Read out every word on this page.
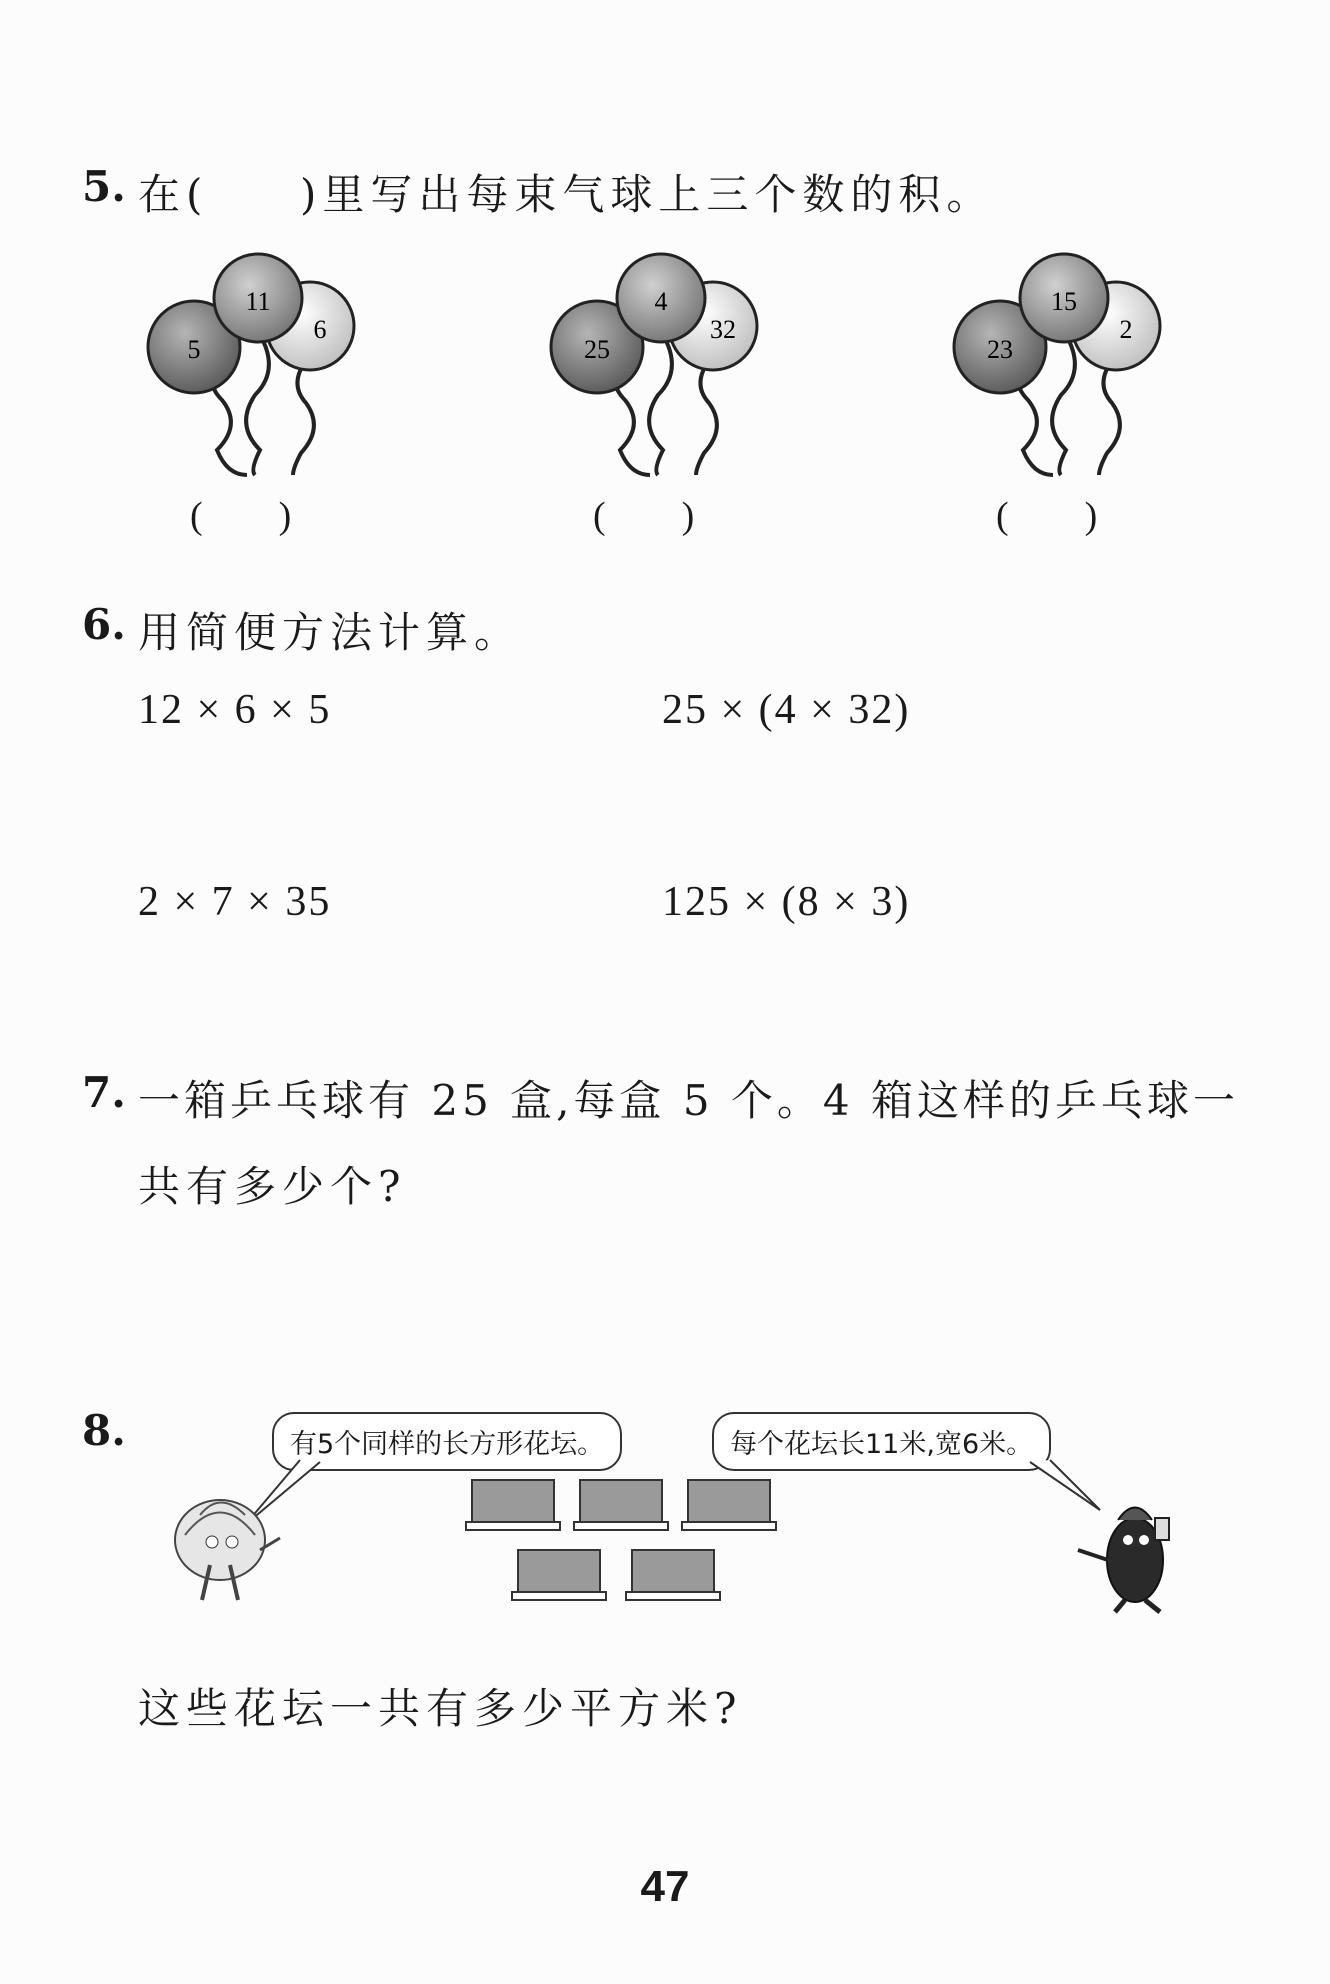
5. 在( )里写出每束气球上三个数的积。
5
11
6
25
4
32
23
15
2
(        )	(        )	(        )
6. 用简便方法计算。
12 × 6 × 5	25 × (4 × 32)
2 × 7 × 35	125 × (8 × 3)
7. 一箱乒乓球有 25 盒,每盒 5 个。4 箱这样的乒乓球一
共有多少个?
8.	有5个同样的长方形花坛。	每个花坛长11米,宽6米。
这些花坛一共有多少平方米?
47
